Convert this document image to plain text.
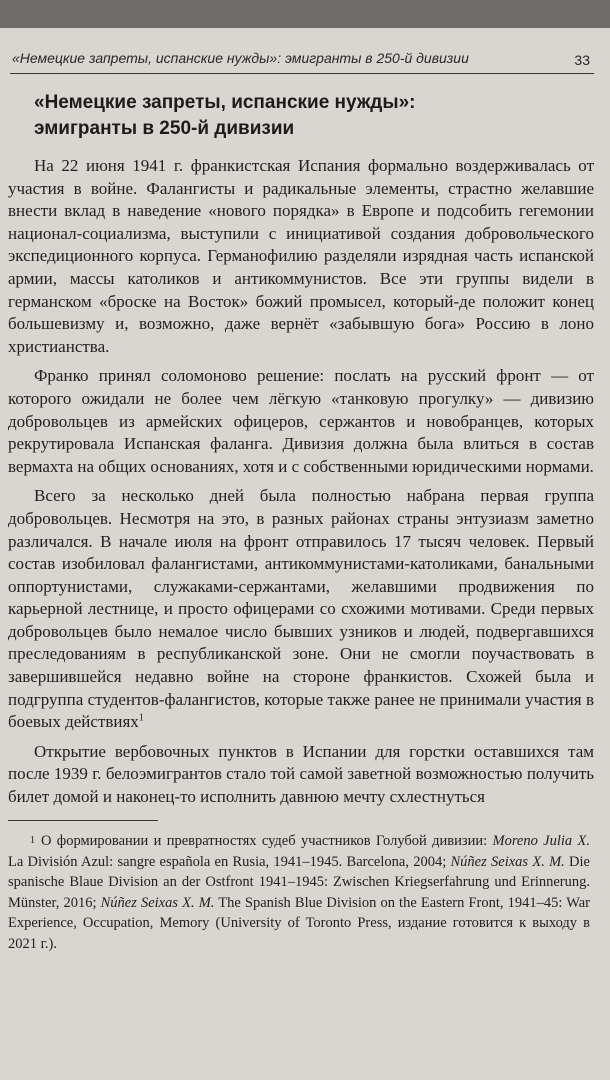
«Немецкие запреты, испанские нужды»: эмигранты в 250-й дивизии	33
«Немецкие запреты, испанские нужды»:
эмигранты в 250-й дивизии

На 22 июня 1941 г. франкистская Испания формально воздерживалась от участия в войне. Фалангисты и радикальные элементы, страстно желавшие внести вклад в наведение «нового порядка» в Европе и подсобить гегемонии национал-социализма, выступили с инициативой создания добровольческого экспедиционного корпуса. Германофилию разделяли изрядная часть испанской армии, массы католиков и антикоммунистов. Все эти группы видели в германском «броске на Восток» божий промысел, который-де положит конец большевизму и, возможно, даже вернёт «забывшую бога» Россию в лоно христианства.

Франко принял соломоново решение: послать на русский фронт — от которого ожидали не более чем лёгкую «танковую прогулку» — дивизию добровольцев из армейских офицеров, сержантов и новобранцев, которых рекрутировала Испанская фаланга. Дивизия должна была влиться в состав вермахта на общих основаниях, хотя и с собственными юридическими нормами.

Всего за несколько дней была полностью набрана первая группа добровольцев. Несмотря на это, в разных районах страны энтузиазм заметно различался. В начале июля на фронт отправилось 17 тысяч человек. Первый состав изобиловал фалангистами, антикоммунистами-католиками, банальными оппортунистами, служаками-сержантами, желавшими продвижения по карьерной лестнице, и просто офицерами со схожими мотивами. Среди первых добровольцев было немалое число бывших узников и людей, подвергавшихся преследованиям в республиканской зоне. Они не смогли поучаствовать в завершившейся недавно войне на стороне франкистов. Схожей была и подгруппа студентов-фалангистов, которые также ранее не принимали участия в боевых действиях$^1$

Открытие вербовочных пунктов в Испании для горстки оставшихся там после 1939 г. белоэмигрантов стало той самой заветной возможностью получить билет домой и наконец-то исполнить давнюю мечту схлестнуться

$^1$ О формировании и превратностях судеб участников Голубой дивизии: Moreno Julia X. La División Azul: sangre española en Rusia, 1941–1945. Barcelona, 2004; Núñez Seixas X. M. Die spanische Blaue Division an der Ostfront 1941–1945: Zwischen Kriegserfahrung und Erinnerung. Münster, 2016; Núñez Seixas X. M. The Spanish Blue Division on the Eastern Front, 1941–45: War Experience, Occupation, Memory (University of Toronto Press, издание готовится к выходу в 2021 г.).
